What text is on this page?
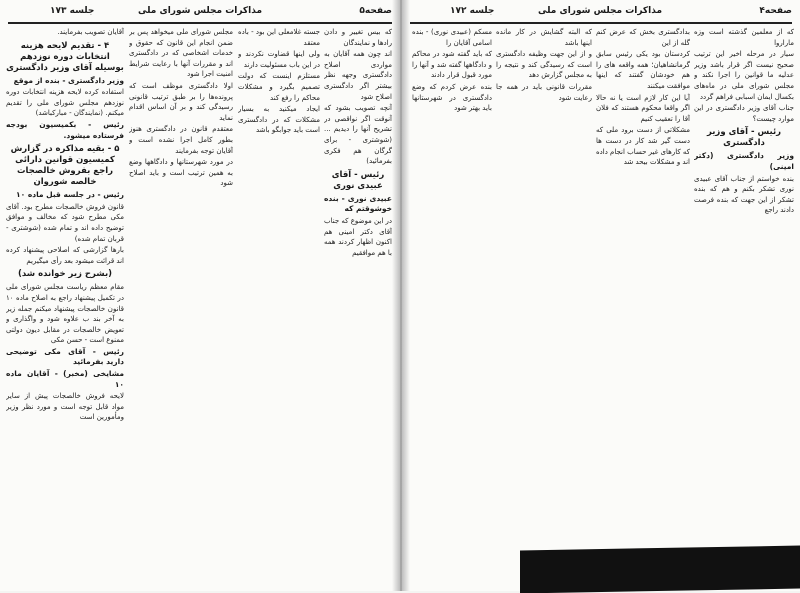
صفحه۵
مذاکرات مجلس شورای ملی
جلسه ۱۷۳

آقایان تصویب بفرمایند.

۴ - تقدیم لایحه هزینه انتخابات دوره نوزدهم بوسیله آقای وزیر دادگستری

وزیر دادگستری - بنده از موقع

استفاده کرده لایحه هزینه انتخابات دوره نوزدهم مجلس شورای ملی را تقدیم میکنم. (نمایندگان - مبارکباشد)

رئیس - بکمیسیون بودجه فرستاده میشود.

۵ - بقیه مذاکره در گزارش کمیسیون قوانین دارائی راجع بفروش خالصجات خالصه شوروان

رئیس - در جلسه قبل ماده ۱۰

قانون فروش خالصجات مطرح بود. آقای مکی مطرح شود که مخالف و موافق توضیح داده اند و تمام شده (شوشتری - قربان تمام شده)

بارها گزارشی که اصلاحی پیشنهاد کرده اند قرائت میشود بعد رأی میگیریم

(بشرح زیر خوانده شد)

مقام معظم ریاست مجلس شورای ملی در تکمیل پیشنهاد راجع به اصلاح ماده ۱۰ قانون خالصجات پیشنهاد میکنم جمله زیر به آخر بند ب علاوه شود و واگذاری و تعویض خالصجات در مقابل دیون دولتی ممنوع است - حسن مکی

رئیس - آقای مکی توضیحی دارید بفرمائید

مشایخی (مخبر) - آقایان ماده ۱۰

لایحه فروش خالصجات پیش از سایر مواد قابل توجه است و مورد نظر وزیر ومأمورین است

مجلس شورای ملی میخواهد پس بر ضمن انجام این قانون که حقوق و خدمات اشخاصی که در دادگستری اند و مقررات آنها با رعایت شرایط امنیت اجرا شود

اولا دادگستری موظف است که پرونده‌ها را بر طبق ترتیب قانونی رسیدگی کند و بر آن اساس اقدام نماید

معتقدم قانون در دادگستری هنوز بطور کامل اجرا نشده است و آقایان توجه بفرمایند

در مورد شهرستانها و دادگاهها وضع به همین ترتیب است و باید اصلاح شود

جسته غلامعلی این بود - باده معتقد

ولی اینها قضاوت نکردند و در این باب مسئولیت دارند

مستلزم اینست که دولت تصمیم بگیرد و مشکلات محاکم را رفع کند

ایجاد میکنید به بسیار مشکلات که در دادگستری است باید جوابگو باشد

که بیس تغییر و دادن رادها و نمایندگان

اند چون همه آقایان به مواردی اصلاح دادگستری وجهه نظر بیشتر اگر دادگستری اصلاح شود

آنچه تصویب بشود که آنوقت اگر نواقصی در تشریح آنها را دیدیم ... (شوشتری - برای گرگان هم فکری بفرمائید)

رئیس - آقای عبیدی نوری

عبیدی نوری - بنده خوشوقتم که

در این موضوع که جناب آقای دکتر امینی هم اکنون اظهار کردند همه با هم موافقیم

صفحه۴
مذاکرات مجلس شورای ملی
جلسه ۱۷۲

مسکم (عبیدی نوری) - بنده اسامی آقایان را

که باید گفته شود در محاکم و دادگاهها گفته شد و آنها را مورد قبول قرار دادند

بنده عرض کردم که وضع دادگستری در شهرستانها باید بهتر شود

که البته گشایش در کار مانده اینها باشد

و از این جهت وظیفه دادگستری است که رسیدگی کند و نتیجه را به مجلس گزارش دهد

مقررات قانونی باید در همه جا رعایت شود

بدادگستری بخش که عرض کنم گله از این

کردستان بود یکی رئیس سابق گرمانشاهیان؛ همه واقعه های را هم خودشان گفتند که اینها موافقت میکنند

آیا این کار لازم است یا نه حالا اگر واقعا محکوم هستند که فلان آقا را تعقیب کنیم

مشکلاتی از دست برود ملی که دست گیر شد کار در دست ها که کارهای غیر حساب انجام داده اند و مشکلات بیحد شد

که از معلمین گذشته است وزه ماراروا

سیار در مرحله اخیر این ترتیب صحیح نیست اگر قرار باشد وزیر عدلیه ما قوانین را اجرا نکند و مجلس شورای ملی در ماه‌های بکسال ایمان اسبابی فراهم گردد

جناب آقای وزیر دادگستری در این موارد چیست؟

رئیس - آقای وزیر دادگستری

وزیر دادگستری (دکتر امینی)

بنده خواستم از جناب آقای عبیدی نوری تشکر بکنم و هم که بنده تشکر از این جهت که بنده فرصت دادند راجع
